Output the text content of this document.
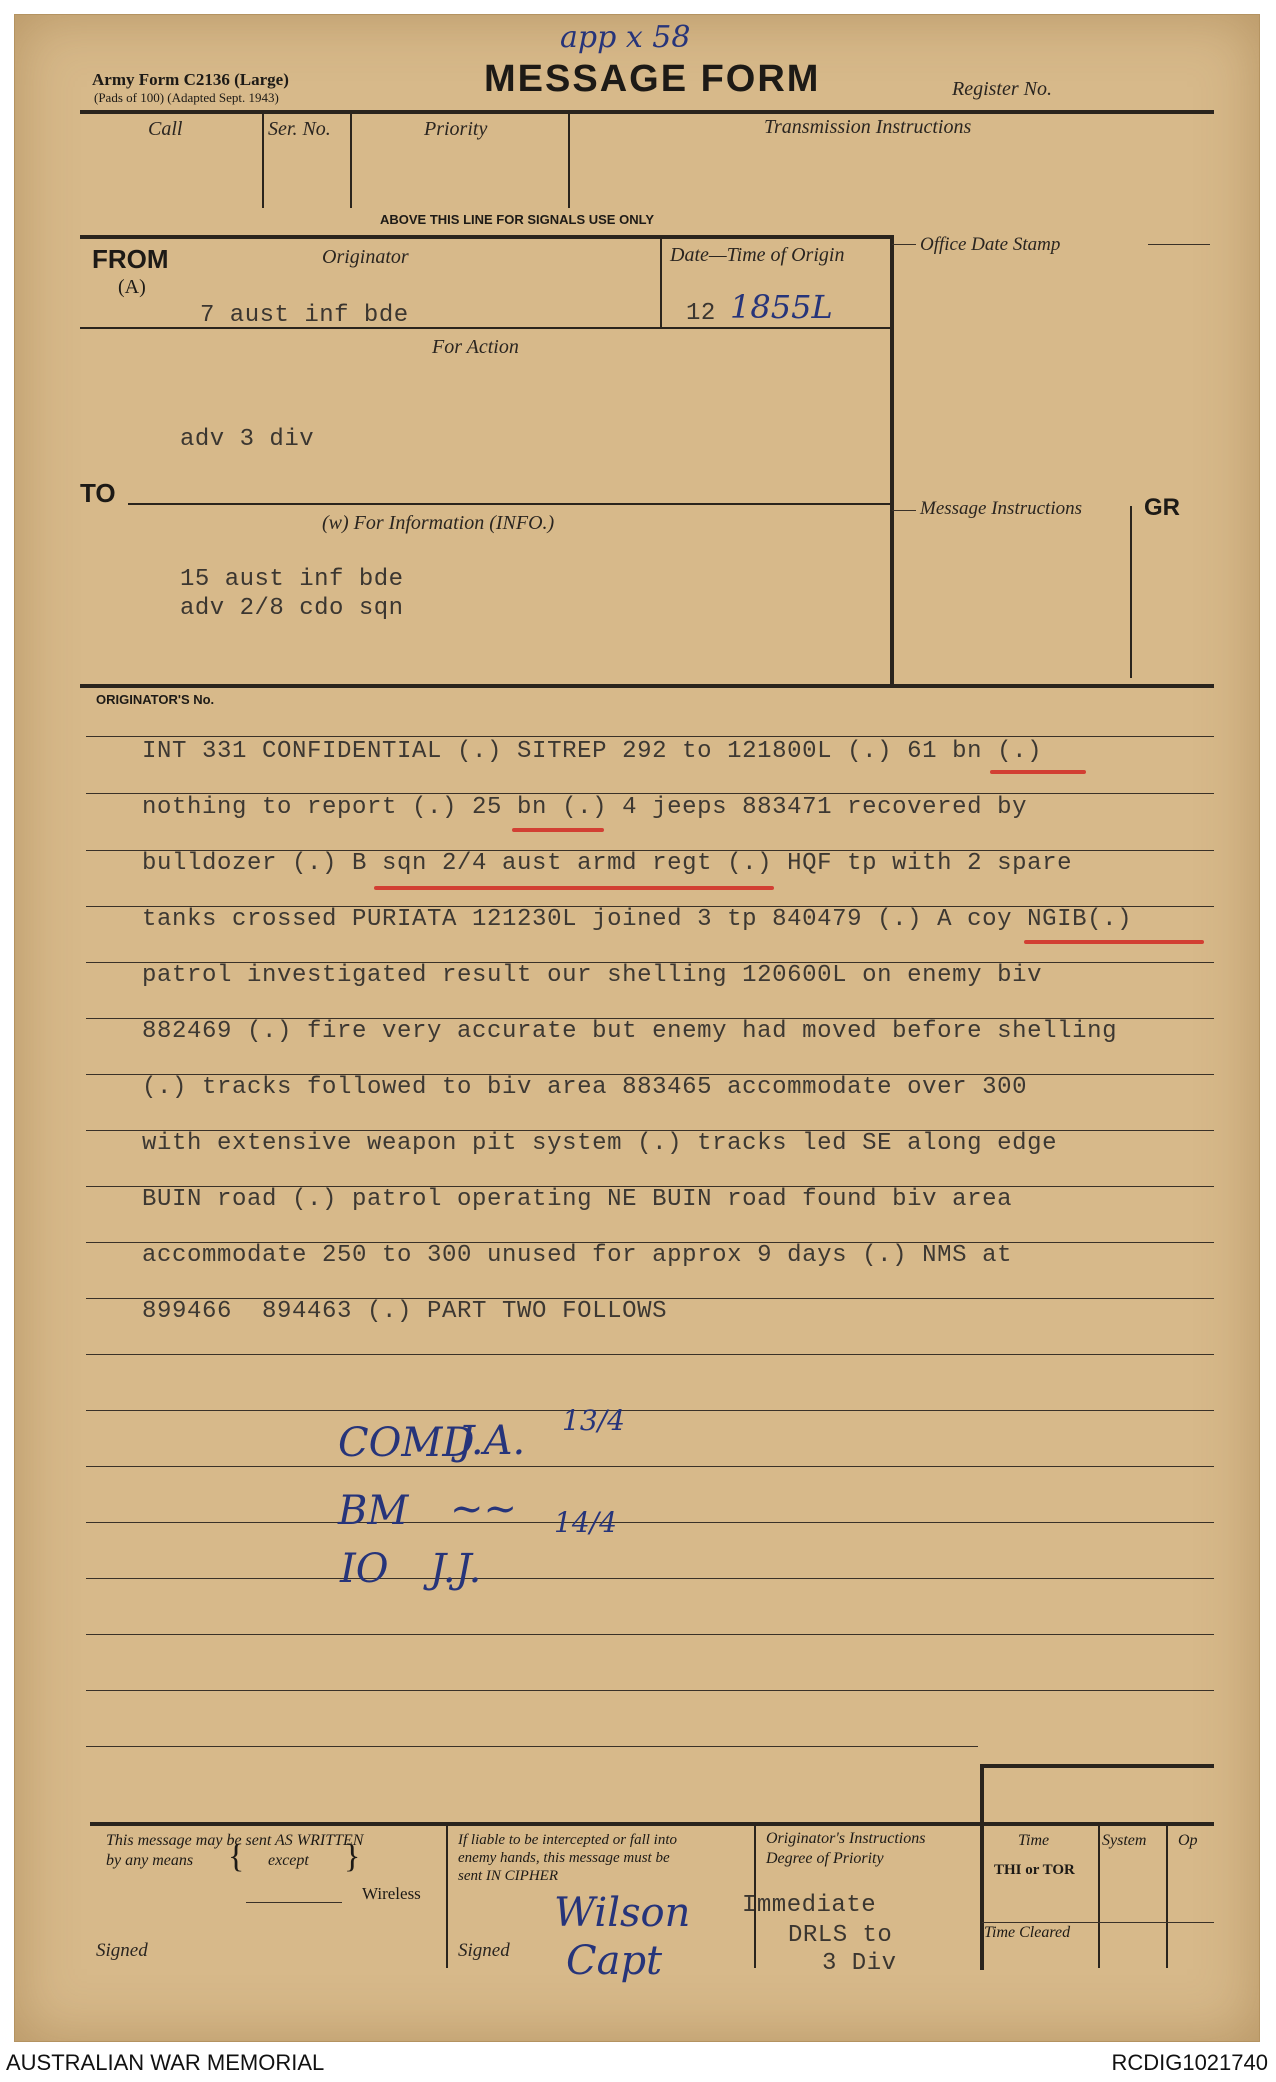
Army Form C2136 (Large)
(Pads of 100) (Adapted Sept. 1943)	MESSAGE FORM	Register No.
app x 58
Call	Ser. No.	Priority	Transmission Instructions
ABOVE THIS LINE FOR SIGNALS USE ONLY
FROM
(A)
Originator
7 aust inf bde
Date—Time of Origin
12 1855L
Office Date Stamp
For Action
adv 3 div
TO
(w) For Information (INFO.)
15 aust inf bde
adv 2/8 cdo sqn
Message Instructions	GR
ORIGINATOR'S No.
INT 331 CONFIDENTIAL (.) SITREP 292 to 121800L (.) 61 bn (.)
nothing to report (.) 25 bn (.) 4 jeeps 883471 recovered by
bulldozer (.) B sqn 2/4 aust armd regt (.) HQF tp with 2 spare
tanks crossed PURIATA 121230L joined 3 tp 840479 (.) A coy NGIB(.)
patrol investigated result our shelling 120600L on enemy biv
882469 (.) fire very accurate but enemy had moved before shelling
(.) tracks followed to biv area 883465 accommodate over 300
with extensive weapon pit system (.) tracks led SE along edge
BUIN road (.) patrol operating NE BUIN road found biv area
accommodate 250 to 300 unused for approx 9 days (.) NMS at
899466  894463 (.) PART TWO FOLLOWS
COMD
J.A. 13/4
BM ~~ 14/4
IO J.J.
This message may be sent AS WRITTEN
by any means {	}
except
Wireless
Signed
If liable to be intercepted or fall into
enemy hands, this message must be
sent IN CIPHER
Signed
Wilson
Capt
Originator's Instructions
Degree of Priority
Immediate
DRLS to
3 Div
Time	System Op
THI or TOR
Time Cleared
AUSTRALIAN WAR MEMORIAL	RCDIG1021740
